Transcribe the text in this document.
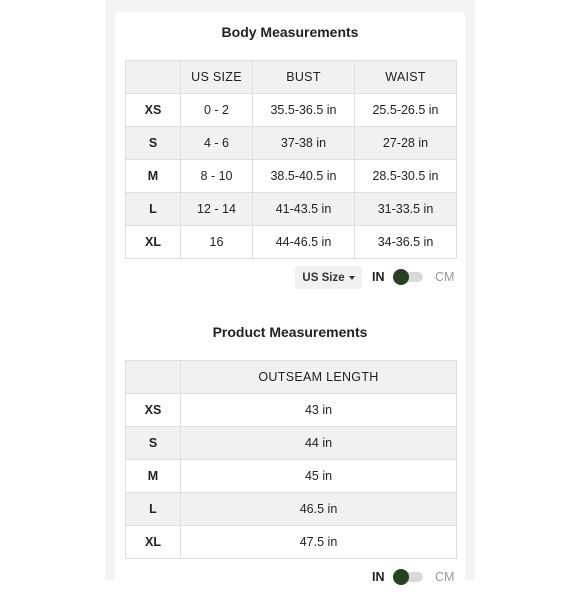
Body Measurements
	US SIZE	BUST	WAIST
XS	0 - 2	35.5-36.5 in	25.5-26.5 in
S	4 - 6	37-38 in	27-28 in
M	8 - 10	38.5-40.5 in	28.5-30.5 in
L	12 - 14	41-43.5 in	31-33.5 in
XL	16	44-46.5 in	34-36.5 in
US Size IN	CM
Product Measurements
	OUTSEAM LENGTH
XS	43 in
S	44 in
M	45 in
L	46.5 in
XL	47.5 in
IN	CM
